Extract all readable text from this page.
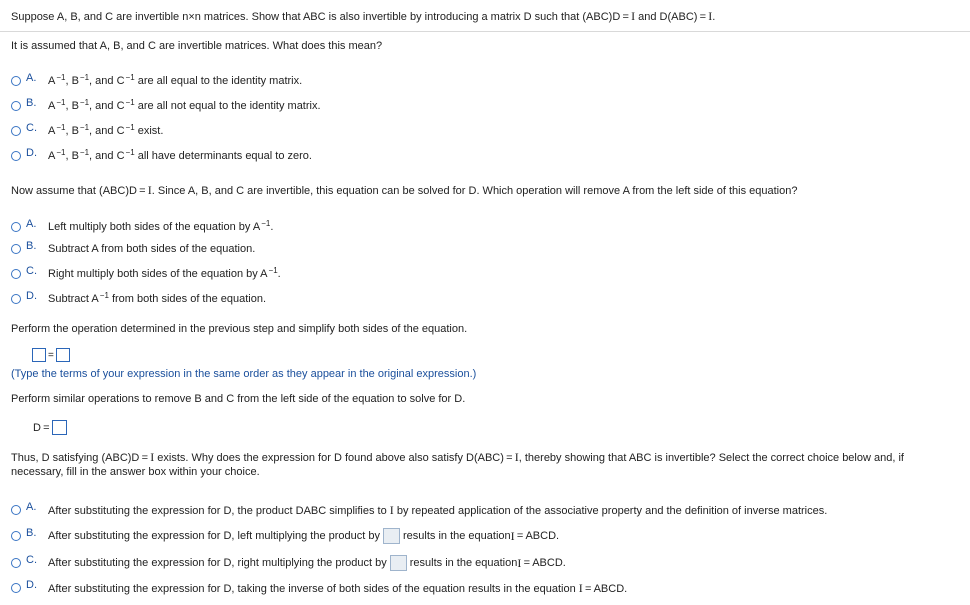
Suppose A, B, and C are invertible n×n matrices. Show that ABC is also invertible by introducing a matrix D such that (ABC)D = I and D(ABC) = I.
It is assumed that A, B, and C are invertible matrices. What does this mean?
A.	$A^{-1}$, $B^{-1}$, and $C^{-1}$ are all equal to the identity matrix.
B.	$A^{-1}$, $B^{-1}$, and $C^{-1}$ are all not equal to the identity matrix.
C.	$A^{-1}$, $B^{-1}$, and $C^{-1}$ exist.
D.	$A^{-1}$, $B^{-1}$, and $C^{-1}$ all have determinants equal to zero.
Now assume that (ABC)D = I. Since A, B, and C are invertible, this equation can be solved for D. Which operation will remove A from the left side of this equation?
A.	Left multiply both sides of the equation by $A^{-1}$.
B.	Subtract A from both sides of the equation.
C.	Right multiply both sides of the equation by $A^{-1}$.
D.	Subtract $A^{-1}$ from both sides of the equation.
Perform the operation determined in the previous step and simplify both sides of the equation.
=
(Type the terms of your expression in the same order as they appear in the original expression.)
Perform similar operations to remove B and C from the left side of the equation to solve for D.
D =
Thus, D satisfying (ABC)D = I exists. Why does the expression for D found above also satisfy D(ABC) = I, thereby showing that ABC is invertible? Select the correct choice below and, if
necessary, fill in the answer box within your choice.
A.	After substituting the expression for D, the product DABC simplifies to I by repeated application of the associative property and the definition of inverse matrices.
B.	After substituting the expression for D, left multiplying the product by results in the equation I  = ABCD.
C.	After substituting the expression for D, right multiplying the product by results in the equation I  = ABCD.
D.	After substituting the expression for D, taking the inverse of both sides of the equation results in the equation I = ABCD.
